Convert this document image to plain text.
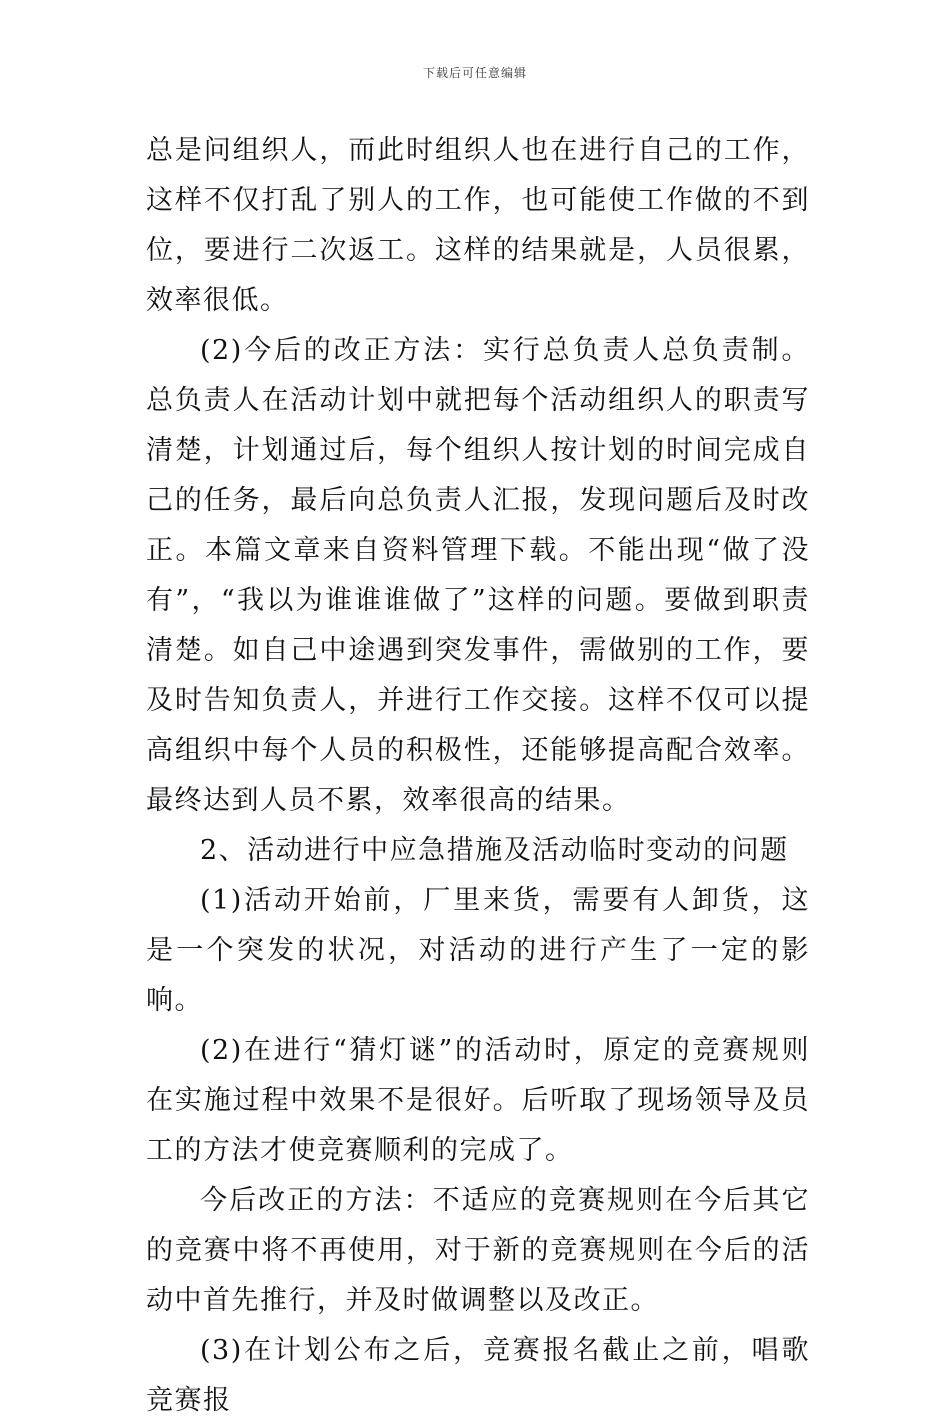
下载后可任意编辑

总是问组织人，而此时组织人也在进行自己的工作，这样不仅打乱了别人的工作，也可能使工作做的不到位，要进行二次返工。这样的结果就是，人员很累，效率很低。

(2)今后的改正方法：实行总负责人总负责制。总负责人在活动计划中就把每个活动组织人的职责写清楚，计划通过后，每个组织人按计划的时间完成自己的任务，最后向总负责人汇报，发现问题后及时改正。本篇文章来自资料管理下载。不能出现“做了没有”，“我以为谁谁谁做了”这样的问题。要做到职责清楚。如自己中途遇到突发事件，需做别的工作，要及时告知负责人，并进行工作交接。这样不仅可以提高组织中每个人员的积极性，还能够提高配合效率。最终达到人员不累，效率很高的结果。

2、活动进行中应急措施及活动临时变动的问题

(1)活动开始前，厂里来货，需要有人卸货，这是一个突发的状况，对活动的进行产生了一定的影响。

(2)在进行“猜灯谜”的活动时，原定的竞赛规则在实施过程中效果不是很好。后听取了现场领导及员工的方法才使竞赛顺利的完成了。

今后改正的方法：不适应的竞赛规则在今后其它的竞赛中将不再使用，对于新的竞赛规则在今后的活动中首先推行，并及时做调整以及改正。

(3)在计划公布之后，竞赛报名截止之前，唱歌竞赛报
